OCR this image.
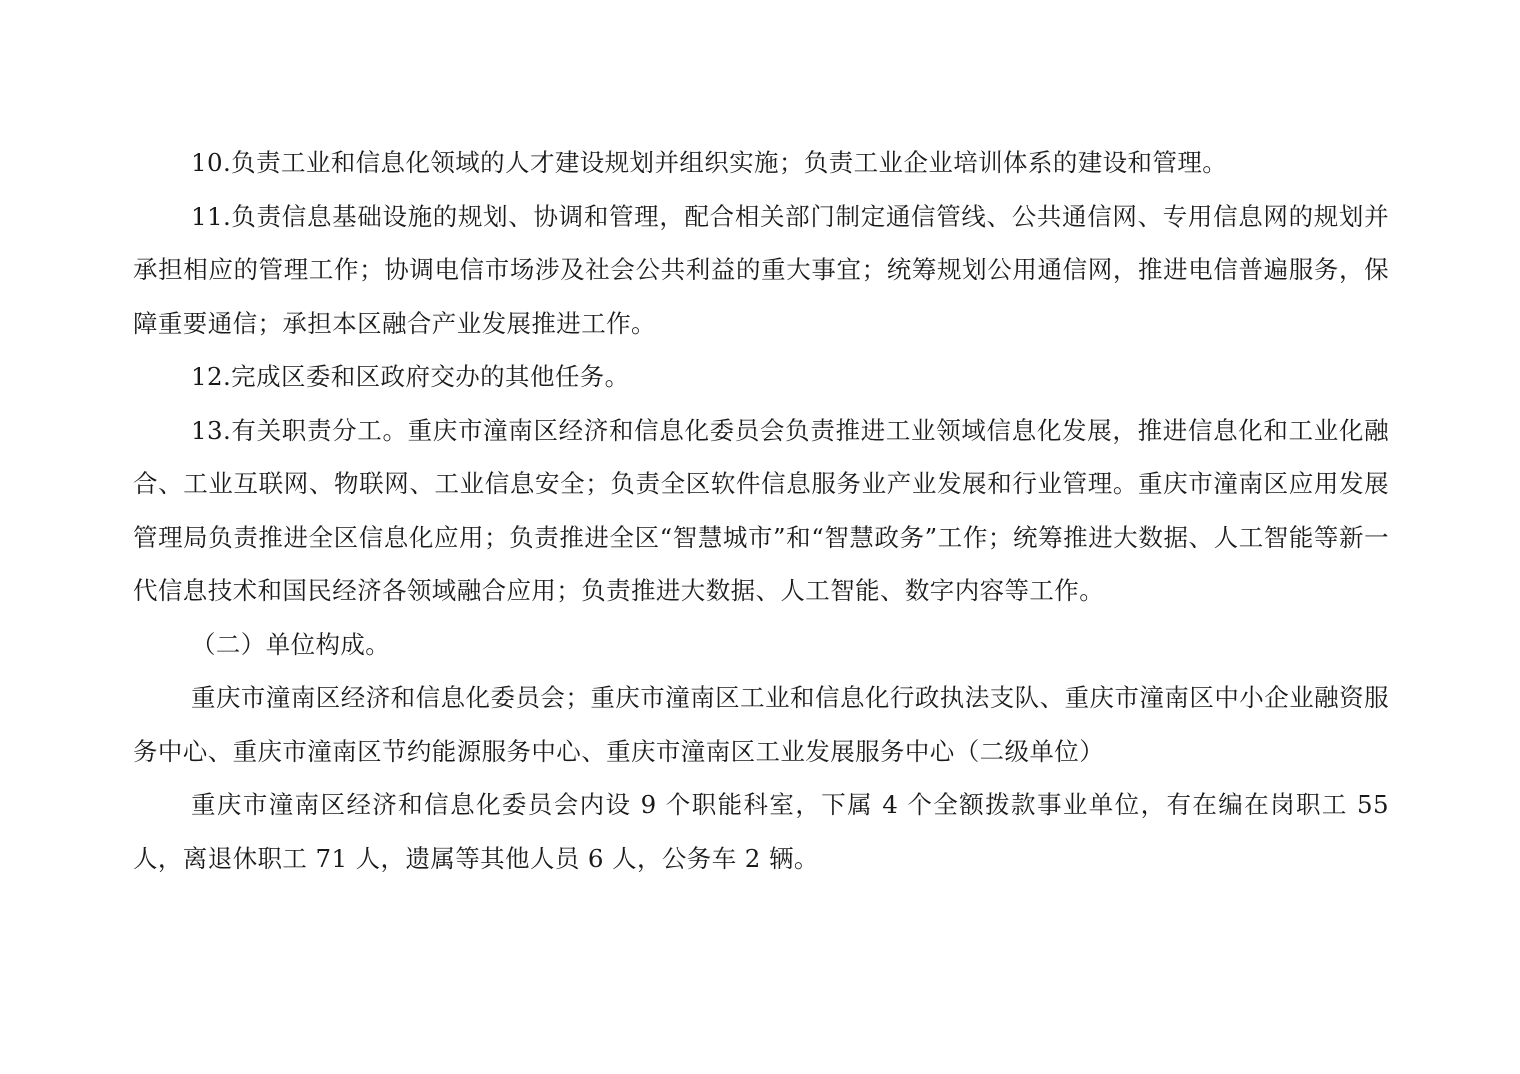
10.负责工业和信息化领域的人才建设规划并组织实施；负责工业企业培训体系的建设和管理。

11.负责信息基础设施的规划、协调和管理，配合相关部门制定通信管线、公共通信网、专用信息网的规划并承担相应的管理工作；协调电信市场涉及社会公共利益的重大事宜；统筹规划公用通信网，推进电信普遍服务，保障重要通信；承担本区融合产业发展推进工作。

12.完成区委和区政府交办的其他任务。

13.有关职责分工。重庆市潼南区经济和信息化委员会负责推进工业领域信息化发展，推进信息化和工业化融合、工业互联网、物联网、工业信息安全；负责全区软件信息服务业产业发展和行业管理。重庆市潼南区应用发展管理局负责推进全区信息化应用；负责推进全区“智慧城市”和“智慧政务”工作；统筹推进大数据、人工智能等新一代信息技术和国民经济各领域融合应用；负责推进大数据、人工智能、数字内容等工作。

（二）单位构成。

重庆市潼南区经济和信息化委员会；重庆市潼南区工业和信息化行政执法支队、重庆市潼南区中小企业融资服务中心、重庆市潼南区节约能源服务中心、重庆市潼南区工业发展服务中心（二级单位）

重庆市潼南区经济和信息化委员会内设 9 个职能科室，下属 4 个全额拨款事业单位，有在编在岗职工 55 人，离退休职工 71 人，遗属等其他人员 6 人，公务车 2 辆。
